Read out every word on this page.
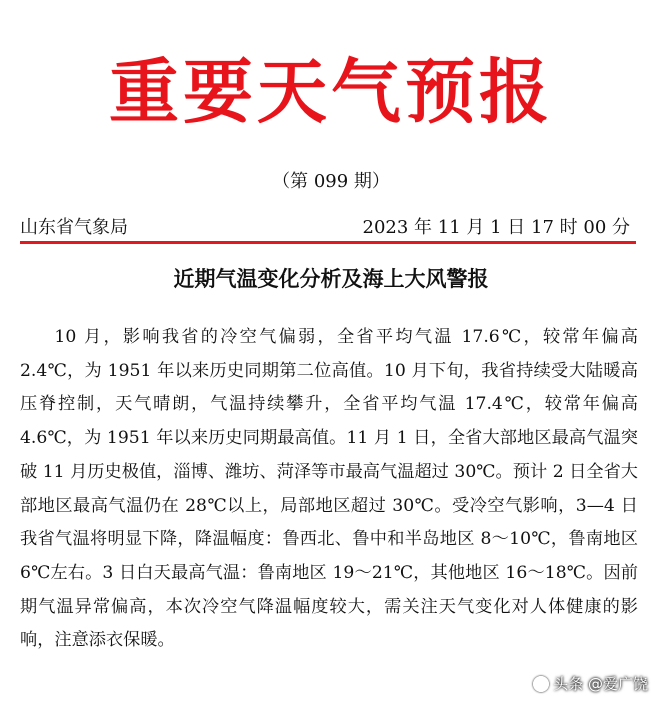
重要天气预报
（第 099 期）
山东省气象局	2023 年 11 月 1 日 17 时 00 分
近期气温变化分析及海上大风警报

10 月，影响我省的冷空气偏弱，全省平均气温 17.6℃，较常年偏高 2.4℃，为 1951 年以来历史同期第二位高值。10 月下旬，我省持续受大陆暖高压脊控制，天气晴朗，气温持续攀升，全省平均气温 17.4℃，较常年偏高 4.6℃，为 1951 年以来历史同期最高值。11 月 1 日，全省大部地区最高气温突破 11 月历史极值，淄博、潍坊、菏泽等市最高气温超过 30℃。预计 2 日全省大部地区最高气温仍在 28℃以上，局部地区超过 30℃。受冷空气影响，3—4 日我省气温将明显下降，降温幅度：鲁西北、鲁中和半岛地区 8～10℃，鲁南地区 6℃左右。3 日白天最高气温：鲁南地区 19～21℃，其他地区 16～18℃。因前期气温异常偏高，本次冷空气降温幅度较大，需关注天气变化对人体健康的影响，注意添衣保暖。

头条 @爱广饶
